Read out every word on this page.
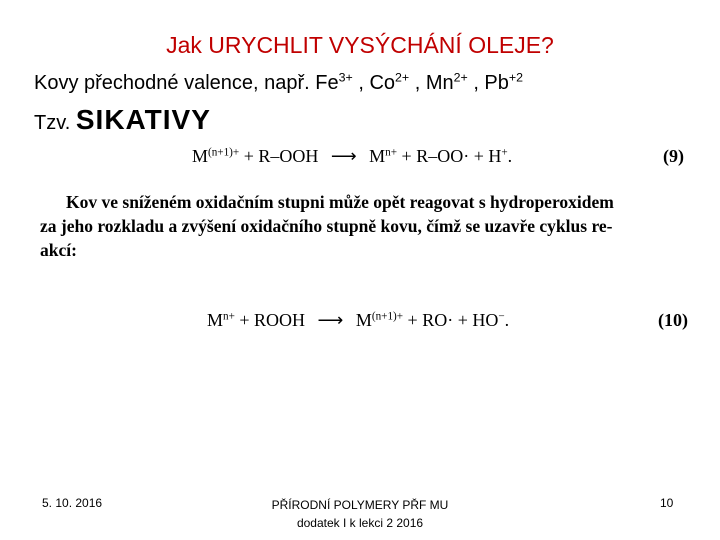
Jak URYCHLIT VYSÝCHÁNÍ OLEJE?
Kovy přechodné valence, např. $Fe^{3+}$ , $Co^{2+}$ , $Mn^{2+}$ , $Pb^{+2}$
Tzv. SIKATIVY
$M^{(n+1)+} + R-OOH$ ⟶ $M^{n+} + R-OO\cdot + H^+$.	(9)
Kov ve sníženém oxidačním stupni může opět reagovat s hydroperoxidem
za jeho rozkladu a zvýšení oxidačního stupně kovu, čímž se uzavře cyklus re-
akcí:
$M^{n+}$ + ROOH ⟶ $M^{(n+1)+} + RO\cdot + HO^-$.	(10)
5. 10. 2016	PŘÍRODNÍ POLYMERY PŘF MU
dodatek I k lekci 2 2016
10
